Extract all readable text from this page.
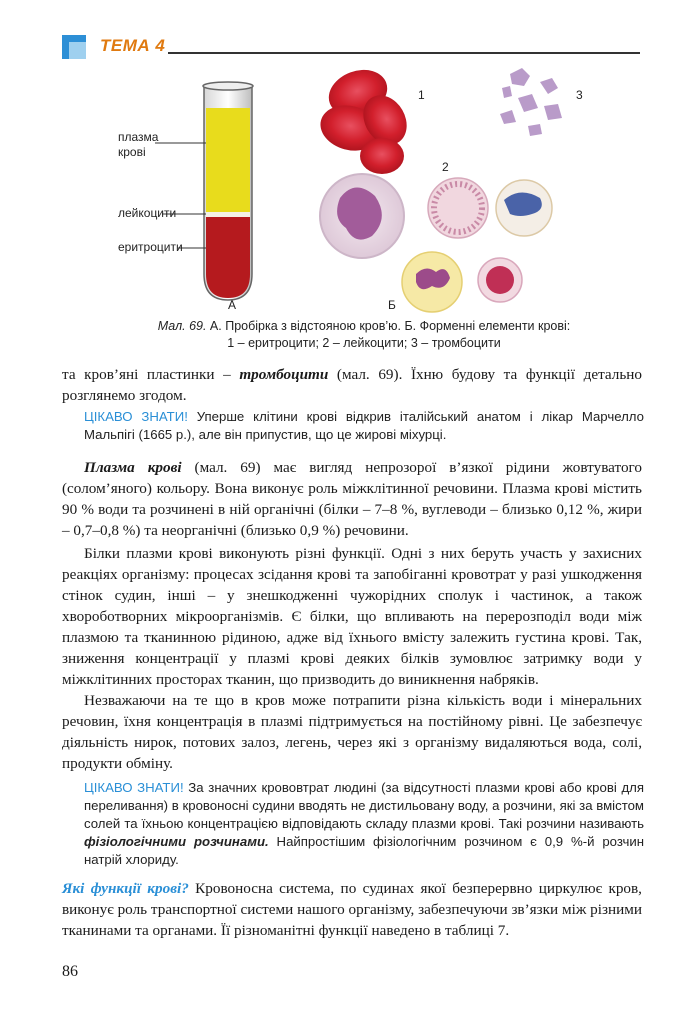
ТЕМА 4
плазма
крові
лейкоцити
еритроцити
А	Б
1
2
3
Мал. 69. А. Пробірка з відстояною кров’ю. Б. Форменні елементи крові:
1 – еритроцити; 2 – лейкоцити; 3 – тромбоцити
та кров’яні пластинки – тромбоцити (мал. 69). Їхню будову та функції детально розглянемо згодом.
ЦІКАВО ЗНАТИ! Уперше клітини крові відкрив італійський анатом і лікар Марчелло Мальпігі (1665 р.), але він припустив, що це жирові міхурці.
Плазма крові (мал. 69) має вигляд непрозорої в’язкої рідини жовтуватого (солом’яного) кольору. Вона виконує роль міжклітинної речовини. Плазма крові містить 90 % води та розчинені в ній органічні (білки – 7–8 %, вуглеводи – близько 0,12 %, жири – 0,7–0,8 %) та неорганічні (близько 0,9 %) речовини.
Білки плазми крові виконують різні функції. Одні з них беруть участь у захисних реакціях організму: процесах зсідання крові та запобіганні кровотрат у разі ушкодження стінок судин, інші – у знешкодженні чужорідних сполук і частинок, а також хвороботворних мікроорганізмів. Є білки, що впливають на перерозподіл води між плазмою та тканинною рідиною, адже від їхнього вмісту залежить густина крові. Так, зниження концентрації у плазмі крові деяких білків зумовлює затримку води у міжклітинних просторах тканин, що призводить до виникнення набряків.
Незважаючи на те що в кров може потрапити різна кількість води і мінеральних речовин, їхня концентрація в плазмі підтримується на постійному рівні. Це забезпечує діяльність нирок, потових залоз, легень, через які з організму видаляються вода, солі, продукти обміну.
ЦІКАВО ЗНАТИ! За значних крововтрат людині (за відсутності плазми крові або крові для переливання) в кровоносні судини вводять не дистильовану воду, а розчини, які за вмістом солей та їхньою концентрацією відповідають складу плазми крові. Такі розчини називають фізіологічними розчинами. Найпростішим фізіологічним розчином є 0,9 %-й розчин натрій хлориду.
Які функції крові? Кровоносна система, по судинах якої безперервно циркулює кров, виконує роль транспортної системи нашого організму, забезпечуючи зв’язки між різними тканинами та органами. Її різноманітні функції наведено в таблиці 7.
86
